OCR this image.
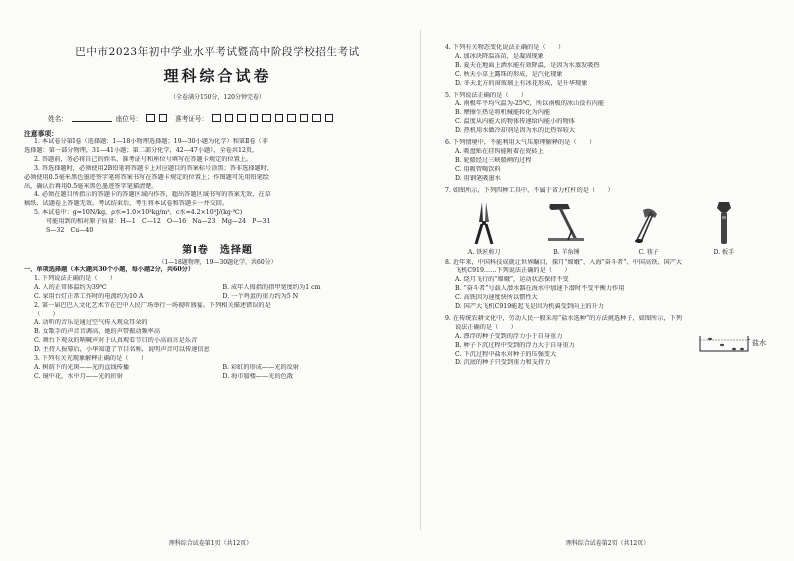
巴中市2023年初中学业水平考试暨高中阶段学校招生考试
理科综合试卷
（全卷满分150分，120分钟完卷）
姓名：	座位号：	准考证号：
注意事项：
1. 本试卷分第Ⅰ卷（选择题：1—18小物理选择题；19—30小题为化学）和第Ⅱ卷（非
选择题：第一部分物理，31—41小题；第二部分化学，42—47小题），全卷共12页。
2. 答题前，务必将自己的姓名、准考证号和座位号填写在答题卡规定的位置上。
3. 答选择题时，必须使用2B铅笔将答题卡上对应题目的答案标号涂黑；答非选择题时，
必须使用0.5毫米黑色墨迹签字笔将答案书写在答题卡规定的位置上；作图题可先用铅笔绘
出，确认后再用0.5毫米黑色墨迹签字笔描清楚。
4. 必须在题目所指示的答题卡的答题区域内作答，超出答题区域书写的答案无效，在草
稿纸、试题卷上答题无效。考试结束后，考生将本试卷和答题卡一并交回。
5. 本试卷中：g=10N/kg，ρ水=1.0×10³kg/m³，c水=4.2×10³J/(kg·℃)
可能用到的相对原子质量：H—1　C—12　O—16　Na—23　Mg—24　P—31
S—32　Cu—40
第Ⅰ卷　选择题
（1—18题物理，19—30题化学，共60分）
一、单项选择题（本大题共30个小题，每小题2分，共60分）
1. 下列说法正确的是（　　）
A. 人的正常体温约为39℃	B. 成年人拇指的指甲宽度约为1 cm
C. 家用台灯正常工作时的电流约为10 A	D. 一个鸡蛋的重力约为5 N
2. 第一届巴巴人文化艺术节在巴中人民广场举行一场视听盛宴。下列相关描述错误的是
（　　）
A. 动听的音乐是通过空气传入观众耳朵的
B. 女歌手的声音音调高，她的声带振动频率高
C. 舞台下观众的呐喊声对于认真观看节目的小高而言是乐音
D. 主持人报幕后，小华知道了节目名称，说明声音可以传递信息
3. 下列有关光现象解释正确的是（　　）
A. 树荫下的光斑——光的直线传播	B. 彩虹的形成——光的反射
C. 镜中花，水中月——光的折射	D. 海市蜃楼——光的色散
理科综合试卷第1页（共12页）
4. 下列有关物态变化说法正确的是（　　）
A. 加冰块降温冻苗，是凝固现象
B. 夏天在地面上洒水能有效降温，是因为水蒸发吸热
C. 秋天小草上露珠的形成，是汽化现象
D. 冬天北方的窗玻璃上有冰花形成，是升华现象
5. 下列说法正确的是（　　）
A. 南极年平均气温为-25℃，所以南极的冰山没有内能
B. 摩擦生热是将机械能转化为内能
C. 温度从内能大的物体传递给内能小的物体
D. 热机用水做冷却剂是因为水的比热容较大
6. 下列情境中，不能利用大气压原理解释的是（　　）
A. 吸盘贴在挂钩能附着在瓷砖上
B. 轮船经过三峡船闸的过程
C. 用吸管喝饮料
D. 用钢笔吸墨水
7. 如图所示，下列四种工具中，不属于省力杠杆的是（　　）
A. 铁匠剪刀	B. 羊角锤	C. 筷子	D. 扳手
8. 近年来，中国科技成就让世界瞩目，探月“嫦娥”、入海“奋斗者”、中国高铁、国产大
飞机C919……下列说法正确的是（　　）
A. 绕月飞行的“嫦娥”，运动状态保持不变
B. “奋斗者”号载人潜水器在海水中加速下潜时不受平衡力作用
C. 高铁因为速度快所以惯性大
D. 国产大飞机C919能起飞是因为机翼受到向上的升力
9. 在传统农耕文化中，劳动人民一般采用“盐水选种”的方法挑选种子，如图所示，下列
说法正确的是（　　）
A. 漂浮的种子受到的浮力小于自身重力
B. 种子下沉过程中受到的浮力大于自身重力
C. 下沉过程中盐水对种子的压强变大
D. 沉底的种子只受到重力和支持力
盐水
理科综合试卷第2页（共12页）
